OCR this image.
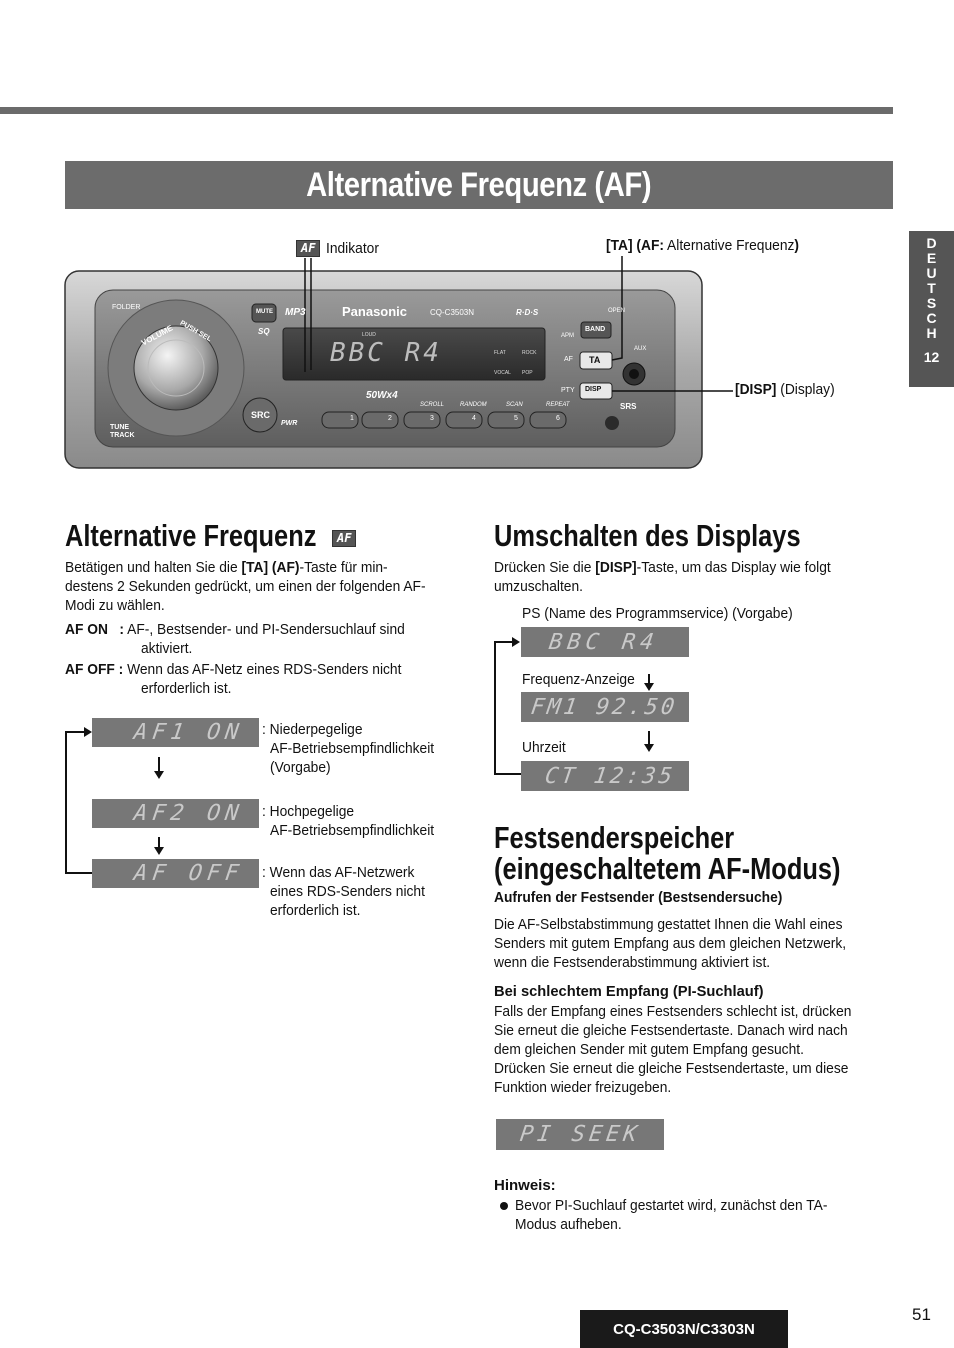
Alternative Frequenz (AF)
DEUTSCH
12
AF Indikator	[TA] (AF: Alternative Frequenz)
[DISP] (Display)
FOLDER
VOLUME PUSH SEL
TUNE
TRACK
MUTE
SQ
MP3	Panasonic	CQ-C3503N	R·D·S	OPEN
APM
BAND
AF TA
AUX
PTY DISP
SRC
PWR
50Wx4
BBC R4
LOUD
FLAT	ROCK
VOCAL POP
SRS
1	2	3	4	5	6
SCROLL	RANDOM	SCAN	REPEAT
Alternative Frequenz	AF
Betätigen und halten Sie die [TA] (AF)-Taste für min-
destens 2 Sekunden gedrückt, um einen der folgenden AF-
Modi zu wählen.
AF ON   : AF-, Bestsender- und PI-Sendersuchlauf sind
aktiviert.
AF OFF : Wenn das AF-Netz eines RDS-Senders nicht
erforderlich ist.
AF1 ON
AF2 ON
AF OFF
: Niederpegelige
AF-Betriebsempfindlichkeit
(Vorgabe)
: Hochpegelige
AF-Betriebsempfindlichkeit
: Wenn das AF-Netzwerk
eines RDS-Senders nicht
erforderlich ist.
Umschalten des Displays
Drücken Sie die [DISP]-Taste, um das Display wie folgt
umzuschalten.
PS (Name des Programmservice) (Vorgabe)
BBC R4
Frequenz-Anzeige
FM1 92.50
Uhrzeit
CT 12:35
Festsenderspeicher
(eingeschaltetem AF-Modus)
Aufrufen der Festsender (Bestsendersuche)
Die AF-Selbstabstimmung gestattet Ihnen die Wahl eines
Senders mit gutem Empfang aus dem gleichen Netzwerk,
wenn die Festsenderabstimmung aktiviert ist.
Bei schlechtem Empfang (PI-Suchlauf)
Falls der Empfang eines Festsenders schlecht ist, drücken
Sie erneut die gleiche Festsendertaste. Danach wird nach
dem gleichen Sender mit gutem Empfang gesucht.
Drücken Sie erneut die gleiche Festsendertaste, um diese
Funktion wieder freizugeben.
PI SEEK
Hinweis:
Bevor PI-Suchlauf gestartet wird, zunächst den TA-
Modus aufheben.
CQ-C3503N/C3303N
51
